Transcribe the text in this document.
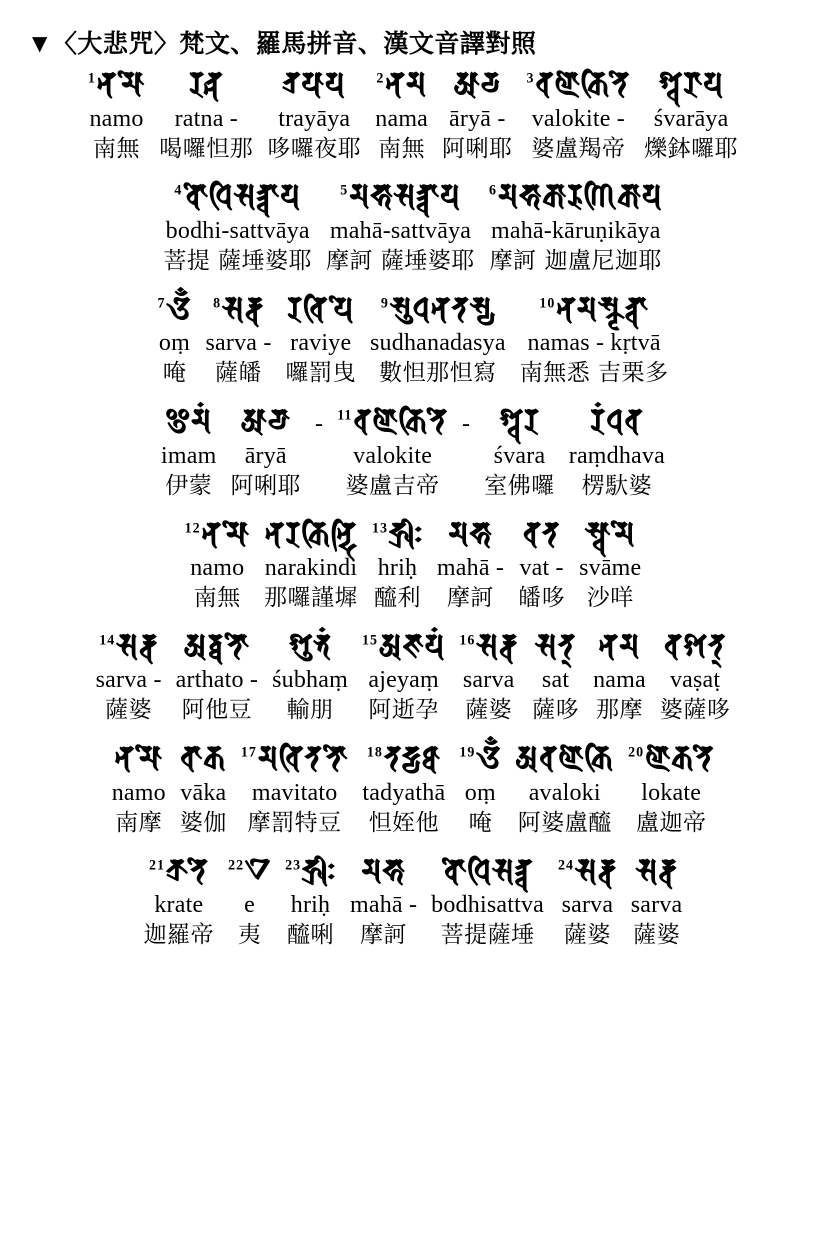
▼ 〈大悲咒〉梵文、羅馬拼音、漢文音譯對照
$^1$𑖡𑖦𑖺
namo
南無
𑖨𑖝𑖿𑖡
ratna -
喝囉怛那
𑖝𑖿𑖨𑖧𑖯𑖧
trayāya
哆囉夜耶
$^2$𑖡𑖦
nama
南無
𑖁𑖨𑖿𑖧
āryā -
阿唎耶
$^3$𑖪𑖩𑖺𑖎𑖰𑖝𑖸
valokite -
婆盧羯帝
𑖫𑖿𑖪𑖨𑖯𑖧
śvarāya
爍鉢囉耶
$^4$𑖤𑖺𑖠𑖰𑖭𑖝𑖿𑖝𑖿𑖪𑖯𑖧
bodhi-sattvāya
菩提 薩埵婆耶
$^5$𑖦𑖮𑖯𑖭𑖝𑖿𑖝𑖿𑖪𑖯𑖧
mahā-sattvāya
摩訶 薩埵婆耶
$^6$𑖦𑖮𑖯𑖎𑖯𑖨𑖲𑖜𑖰𑖎𑖯𑖧
mahā-kāruṇikāya
摩訶 迦盧尼迦耶
$^7$𑖌𑖼
oṃ
唵
$^8$𑖭𑖨𑖿𑖪
sarva -
薩皤
𑖨𑖪𑖰𑖧𑖸
raviye
囉罰曳
$^9$𑖭𑖲𑖠𑖡𑖝𑖭𑖿𑖧
sudhanadasya
數怛那怛寫
$^{10}$𑖡𑖦𑖭𑖿𑖎𑖴𑖝𑖿𑖪𑖯
namas - kṛtvā
南無悉 吉栗多
𑖂𑖦𑖽
imam
伊蒙
𑖁𑖨𑖿𑖧𑖯
āryā
阿唎耶
- $^{11}$𑖪𑖩𑖺𑖎𑖰𑖝𑖸
valokite
婆盧吉帝
- 𑖫𑖿𑖪𑖨
śvara
室佛囉
𑖨𑖽𑖠𑖪
raṃdhava
楞馱婆
$^{12}$𑖡𑖦𑖺
namo
南無
𑖡𑖨𑖎𑖰𑖡𑖿𑖟𑖰
narakindi
那囉謹墀
$^{13}$𑖮𑖿𑖨𑖱𑖾
hriḥ
醯利
𑖦𑖮𑖯
mahā -
摩訶
𑖪𑖝
vat -
皤哆
𑖭𑖿𑖪𑖯𑖦𑖸
svāme
沙咩
$^{14}$𑖭𑖨𑖿𑖪
sarva -
薩婆
𑖀𑖨𑖿𑖞𑖝𑖺
arthato -
阿他豆
𑖫𑖲𑖥𑖽
śubhaṃ
輸朋
$^{15}$𑖀𑖕𑖧𑖽
ajeyaṃ
阿逝孕
$^{16}$𑖭𑖨𑖿𑖪
sarva
薩婆
𑖭𑖝𑖿
sat
薩哆
𑖡𑖦
nama
那摩
𑖪𑖫𑖝𑖿
vaṣaṭ
婆薩哆
𑖡𑖦𑖺
namo
南摩
𑖪𑖯𑖎
vāka
婆伽
$^{17}$𑖦𑖪𑖰𑖝𑖝𑖺
mavitato
摩罰特豆
$^{18}$𑖝𑖟𑖿𑖧𑖞𑖯
tadyathā
怛姪他
$^{19}$𑖌𑖼
oṃ
唵
𑖀𑖪𑖩𑖺𑖎𑖰
avaloki
阿婆盧醯
$^{20}$𑖩𑖺𑖎𑖝𑖸
lokate
盧迦帝
$^{21}$𑖎𑖿𑖨𑖝𑖸
krate
迦羅帝
$^{22}$𑖊
e
夷
$^{23}$𑖮𑖿𑖨𑖱𑖾
hriḥ
醯唎
𑖦𑖮𑖯
mahā -
摩訶
𑖤𑖺𑖠𑖰𑖭𑖝𑖿𑖝𑖿𑖪
bodhisattva
菩提薩埵
$^{24}$𑖭𑖨𑖿𑖪
sarva
薩婆
𑖭𑖨𑖿𑖪
sarva
薩婆
